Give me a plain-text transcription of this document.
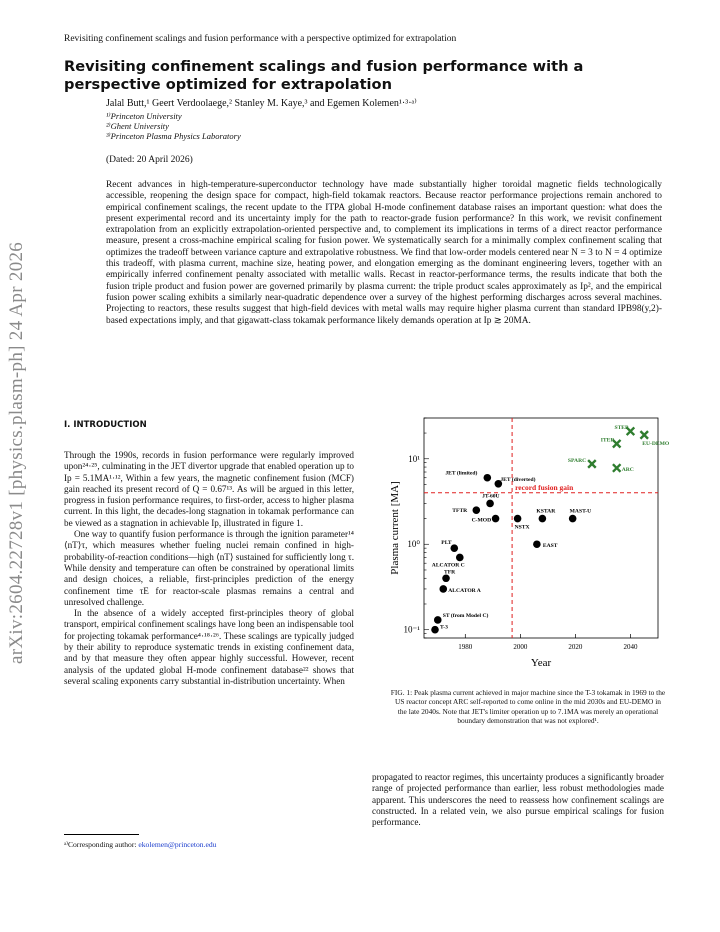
Revisiting confinement scalings and fusion performance with a perspective optimized for extrapolation
arXiv:2604.22728v1 [physics.plasm-ph] 24 Apr 2026
Revisiting confinement scalings and fusion performance with a perspective optimized for extrapolation
Jalal Butt,¹ Geert Verdoolaege,² Stanley M. Kaye,³ and Egemen Kolemen¹·³·ᵃ⁾
¹⁾Princeton University
²⁾Ghent University
³⁾Princeton Plasma Physics Laboratory
(Dated: 20 April 2026)
Recent advances in high-temperature-superconductor technology have made substantially higher toroidal magnetic fields technologically accessible, reopening the design space for compact, high-field tokamak reactors. Because reactor performance projections remain anchored to empirical confinement scalings, the recent update to the ITPA global H-mode confinement database raises an important question: what does the present experimental record and its uncertainty imply for the path to reactor-grade fusion performance? In this work, we revisit confinement extrapolation from an explicitly extrapolation-oriented perspective and, to complement its implications in terms of a direct reactor performance measure, present a cross-machine empirical scaling for fusion power. We systematically search for a minimally complex confinement scaling that optimizes the tradeoff between variance capture and extrapolative robustness. We find that low-order models centered near N = 3 to N = 4 optimize this tradeoff, with plasma current, machine size, heating power, and elongation emerging as the dominant engineering levers, together with an empirically inferred confinement penalty associated with metallic walls. Recast in reactor-performance terms, the results indicate that both the fusion triple product and fusion power are governed primarily by plasma current: the triple product scales approximately as Ip², and the empirical fusion power scaling exhibits a similarly near-quadratic dependence over a survey of the highest performing discharges across several machines. Projecting to reactors, these results suggest that high-field devices with metal walls may require higher plasma current than standard IPB98(y,2)-based expectations imply, and that gigawatt-class tokamak performance likely demands operation at Ip ≳ 20MA.
I. INTRODUCTION

Through the 1990s, records in fusion performance were regularly improved upon²⁴·²⁵, culminating in the JET divertor upgrade that enabled operation up to Ip = 5.1MA¹·¹², Within a few years, the magnetic confinement fusion (MCF) gain reached its present record of Q = 0.67¹³. As will be argued in this letter, progress in fusion performance requires, to first-order, access to higher plasma current. In this light, the decades-long stagnation in tokamak performance can be viewed as a stagnation in achievable Ip, illustrated in figure 1.

One way to quantify fusion performance is through the ignition parameter¹⁴ ⟨nT⟩τ, which measures whether fueling nuclei remain confined in high-probability-of-reaction conditions—high ⟨nT⟩ sustained for sufficiently long τ. While density and temperature can often be constrained by operational limits and design choices, a reliable, first-principles prediction of the energy confinement time τE for reactor-scale plasmas remains a central and unresolved challenge.

In the absence of a widely accepted first-principles theory of global transport, empirical confinement scalings have long been an indispensable tool for projecting tokamak performance⁴·¹⁸·²⁶. These scalings are typically judged by their ability to reproduce systematic trends in existing confinement data, and by that measure they often appear highly successful. However, recent analysis of the updated global H-mode confinement database²² shows that several scaling exponents carry substantial in-distribution uncertainty. When

ᵃ⁾Corresponding author: ekolemen@princeton.edu
1980	2000	2020	2040
10⁻¹
10⁰
10¹
Year
Plasma current [MA]	record fusion gain
T-3
ST (from Model C)
ALCATOR A
TFR
ALCATOR C
PLT
TFTR
JET (limited)
JT-60U
JET (diverted)
C-MOD
NSTX
KSTAR	MAST-U
EAST
SPARC
ITER
STEP
ARC
EU-DEMO
FIG. 1: Peak plasma current achieved in major machine since the T-3 tokamak in 1969 to the US reactor concept ARC self-reported to come online in the mid 2030s and EU-DEMO in the late 2040s. Note that JET's limiter operation up to 7.1MA was merely an operational boundary demonstration that was not explored¹.
propagated to reactor regimes, this uncertainty produces a significantly broader range of projected performance than earlier, less robust methodologies made apparent. This underscores the need to reassess how confinement scalings are constructed. In a related vein, we also pursue empirical scalings for fusion performance.
